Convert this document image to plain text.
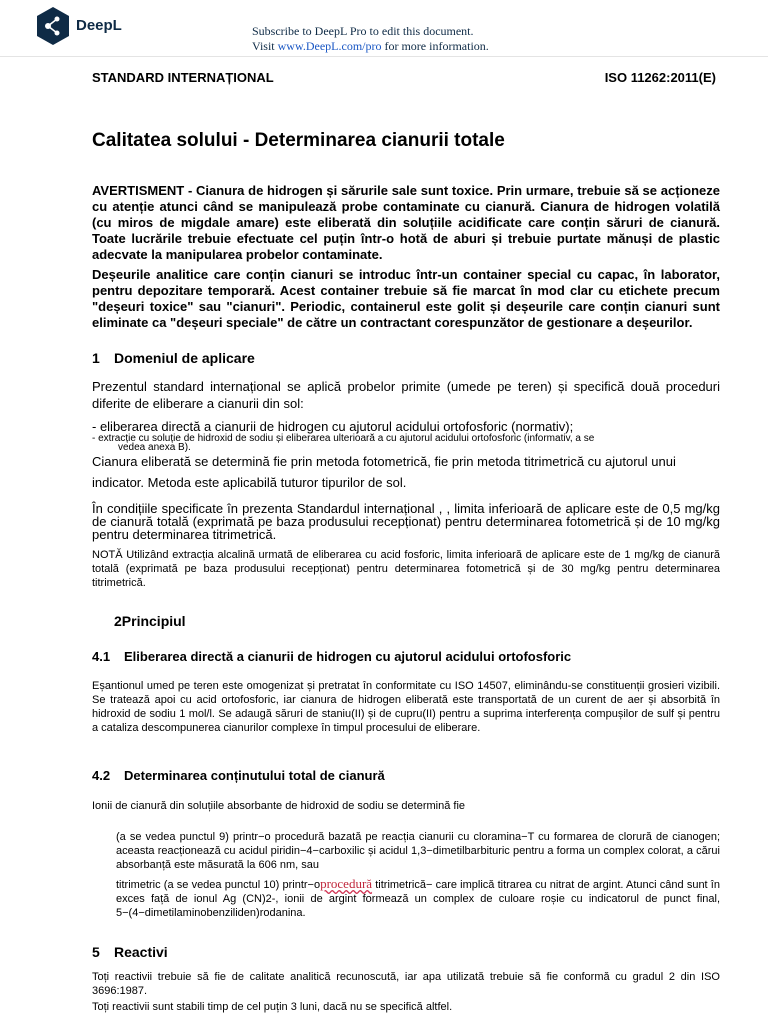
DeepL	Subscribe to DeepL Pro to edit this document.
Visit www.DeepL.com/pro for more information.
STANDARD INTERNAȚIONAL	ISO 11262:2011(E)
Calitatea solului - Determinarea cianurii totale
AVERTISMENT - Cianura de hidrogen și sărurile sale sunt toxice. Prin urmare, trebuie să se acționeze cu atenție atunci când se manipulează probe contaminate cu cianură. Cianura de hidrogen volatilă (cu miros de migdale amare) este eliberată din soluțiile acidificate care conțin săruri de cianură. Toate lucrările trebuie efectuate cel puțin într-o hotă de aburi și trebuie purtate mănuși de plastic adecvate la manipularea probelor contaminate.
Deșeurile analitice care conțin cianuri se introduc într-un container special cu capac, în laborator, pentru depozitare temporară. Acest container trebuie să fie marcat în mod clar cu etichete precum "deșeuri toxice" sau "cianuri". Periodic, containerul este golit și deșeurile care conțin cianuri sunt eliminate ca "deșeuri speciale" de către un contractant corespunzător de gestionare a deșeurilor.
1 Domeniul de aplicare
Prezentul standard internațional se aplică probelor primite (umede pe teren) și specifică două proceduri diferite de eliberare a cianurii din sol:
- eliberarea directă a cianurii de hidrogen cu ajutorul acidului ortofosforic (normativ);
- extracție cu soluție de hidroxid de sodiu și eliberarea ulterioară a cu ajutorul acidului ortofosforic (informativ, a se
vedea anexa B).
Cianura eliberată se determină fie prin metoda fotometrică, fie prin metoda titrimetrică cu ajutorul unui
indicator. Metoda este aplicabilă tuturor tipurilor de sol.
În condițiile specificate în prezenta Standardul internațional , , limita inferioară de aplicare este de 0,5 mg/kg de cianură totală (exprimată pe baza produsului recepționat) pentru determinarea fotometrică și de 10 mg/kg pentru determinarea titrimetrică.
NOTĂ Utilizând extracția alcalină urmată de eliberarea cu acid fosforic, limita inferioară de aplicare este de 1 mg/kg de cianură totală (exprimată pe baza produsului recepționat) pentru determinarea fotometrică și de 30 mg/kg pentru determinarea titrimetrică.
2Principiul
4.1 Eliberarea directă a cianurii de hidrogen cu ajutorul acidului ortofosforic
Eșantionul umed pe teren este omogenizat și pretratat în conformitate cu ISO 14507, eliminându-se constituenții grosieri vizibili. Se tratează apoi cu acid ortofosforic, iar cianura de hidrogen eliberată este transportată de un curent de aer și absorbită în hidroxid de sodiu 1 mol/l. Se adaugă săruri de staniu(II) și de cupru(II) pentru a suprima interferența compușilor de sulf și pentru a cataliza descompunerea cianurilor complexe în timpul procesului de eliberare.
4.2 Determinarea conținutului total de cianură
Ionii de cianură din soluțiile absorbante de hidroxid de sodiu se determină fie
(a se vedea punctul 9) printr−o procedură bazată pe reacția cianurii cu cloramina−T cu formarea de clorură de cianogen; aceasta reacționează cu acidul piridin−4−carboxilic și acidul 1,3−dimetilbarbituric pentru a forma un complex colorat, a cărui absorbanță este măsurată la 606 nm, sau
titrimetric (a se vedea punctul 10) printr−oprocedură titrimetrică− care implică titrarea cu nitrat de argint. Atunci când sunt în exces față de ionul Ag (CN)2-, ionii de argint formează un complex de culoare roșie cu indicatorul de punct final, 5−(4−dimetilaminobenziliden)rodanina.
5 Reactivi
Toți reactivii trebuie să fie de calitate analitică recunoscută, iar apa utilizată trebuie să fie conformă cu gradul 2 din ISO 3696:1987.
Toți reactivii sunt stabili timp de cel puțin 3 luni, dacă nu se specifică altfel.
